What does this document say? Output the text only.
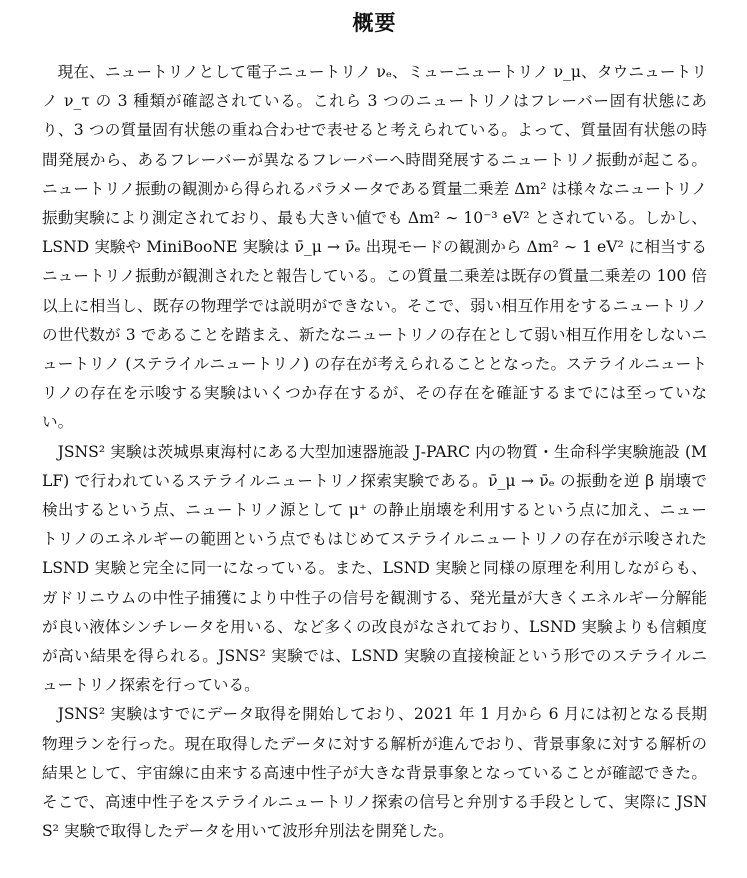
概要

現在、ニュートリノとして電子ニュートリノ νₑ、ミューニュートリノ ν_μ、タウニュートリノ ν_τ の 3 種類が確認されている。これら 3 つのニュートリノはフレーバー固有状態にあり、3 つの質量固有状態の重ね合わせで表せると考えられている。よって、質量固有状態の時間発展から、あるフレーバーが異なるフレーバーへ時間発展するニュートリノ振動が起こる。ニュートリノ振動の観測から得られるパラメータである質量二乗差 Δm² は様々なニュートリノ振動実験により測定されており、最も大きい値でも Δm² ∼ 10⁻³ eV² とされている。しかし、LSND 実験や MiniBooNE 実験は ν̄_μ → ν̄ₑ 出現モードの観測から Δm² ∼ 1 eV² に相当するニュートリノ振動が観測されたと報告している。この質量二乗差は既存の質量二乗差の 100 倍以上に相当し、既存の物理学では説明ができない。そこで、弱い相互作用をするニュートリノの世代数が 3 であることを踏まえ、新たなニュートリノの存在として弱い相互作用をしないニュートリノ (ステライルニュートリノ) の存在が考えられることとなった。ステライルニュートリノの存在を示唆する実験はいくつか存在するが、その存在を確証するまでには至っていない。

JSNS² 実験は茨城県東海村にある大型加速器施設 J-PARC 内の物質・生命科学実験施設 (MLF) で行われているステライルニュートリノ探索実験である。ν̄_μ → ν̄ₑ の振動を逆 β 崩壊で検出するという点、ニュートリノ源として μ⁺ の静止崩壊を利用するという点に加え、ニュートリノのエネルギーの範囲という点でもはじめてステライルニュートリノの存在が示唆された LSND 実験と完全に同一になっている。また、LSND 実験と同様の原理を利用しながらも、ガドリニウムの中性子捕獲により中性子の信号を観測する、発光量が大きくエネルギー分解能が良い液体シンチレータを用いる、など多くの改良がなされており、LSND 実験よりも信頼度が高い結果を得られる。JSNS² 実験では、LSND 実験の直接検証という形でのステライルニュートリノ探索を行っている。

JSNS² 実験はすでにデータ取得を開始しており、2021 年 1 月から 6 月には初となる長期物理ランを行った。現在取得したデータに対する解析が進んでおり、背景事象に対する解析の結果として、宇宙線に由来する高速中性子が大きな背景事象となっていることが確認できた。そこで、高速中性子をステライルニュートリノ探索の信号と弁別する手段として、実際に JSNS² 実験で取得したデータを用いて波形弁別法を開発した。
